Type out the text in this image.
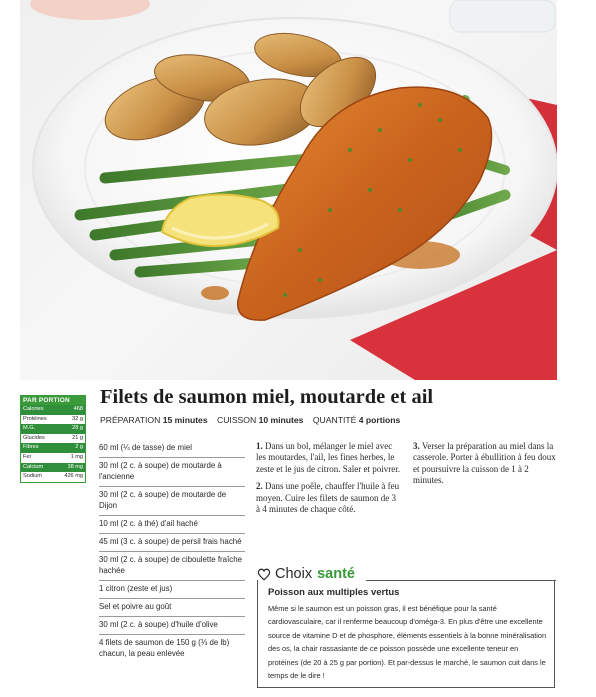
PAR PORTION
Calories	468
Protéines	32 g
M.G.	28 g
Glucides	21 g
Fibres	2 g
Fer	1 mg
Calcium	38 mg
Sodium	426 mg
Filets de saumon miel, moutarde et ail
PRÉPARATION 15 minutes CUISSON 10 minutes QUANTITÉ 4 portions
60 ml (¼ de tasse) de miel
30 ml (2 c. à soupe) de moutarde à l'ancienne
30 ml (2 c. à soupe) de moutarde de Dijon
10 ml (2 c. à thé) d'ail haché
45 ml (3 c. à soupe) de persil frais haché
30 ml (2 c. à soupe) de ciboulette fraîche hachée
1 citron (zeste et jus)
Sel et poivre au goût
30 ml (2 c. à soupe) d'huile d'olive
4 filets de saumon de 150 g (⅓ de lb) chacun, la peau enlevée

1. Dans un bol, mélanger le miel avec les moutardes, l'ail, les fines herbes, le zeste et le jus de citron. Saler et poivrer.

2. Dans une poêle, chauffer l'huile à feu moyen. Cuire les filets de saumon de 3 à 4 minutes de chaque côté.

3. Verser la préparation au miel dans la casserole. Porter à ébullition à feu doux et poursuivre la cuisson de 1 à 2 minutes.

Choix santé
Poisson aux multiples vertus
Même si le saumon est un poisson gras, il est bénéfique pour la santé cardiovasculaire, car il renferme beaucoup d'oméga-3. En plus d'être une excellente source de vitamine D et de phosphore, éléments essentiels à la bonne minéralisation des os, la chair rassasiante de ce poisson possède une excellente teneur en protéines (de 20 à 25 g par portion). Et par-dessus le marché, le saumon cuit dans le temps de le dire !
